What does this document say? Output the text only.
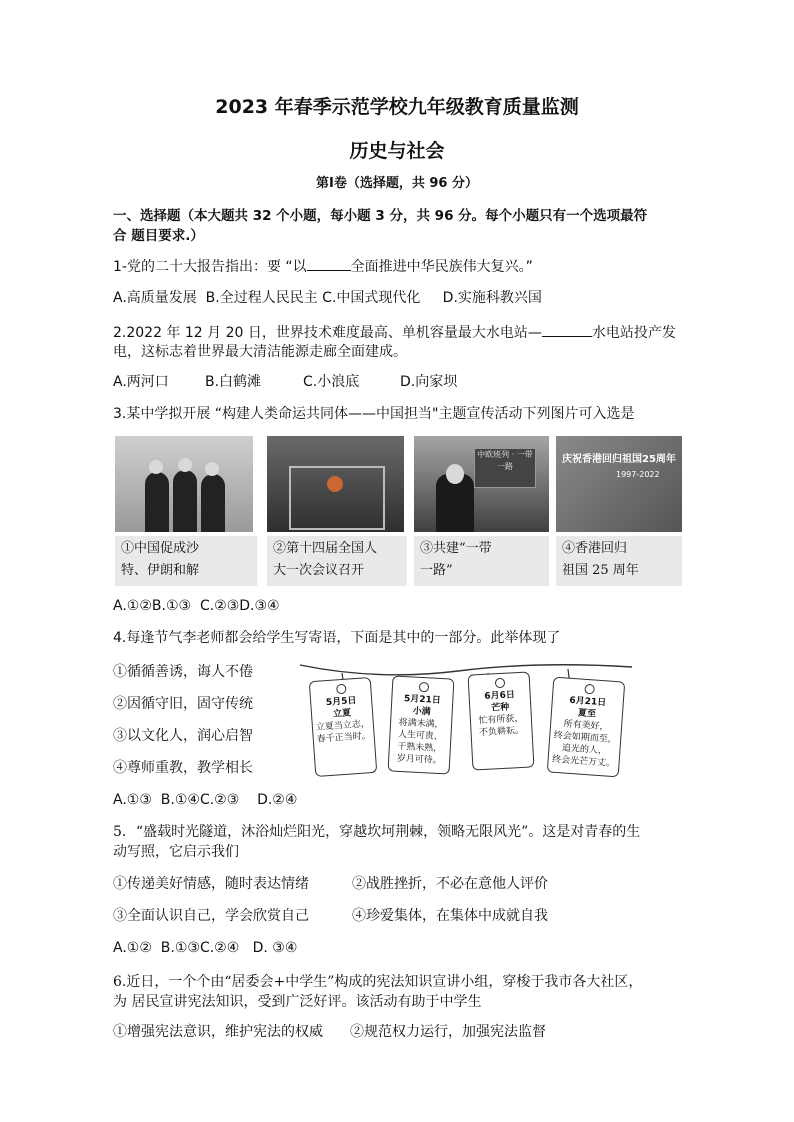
2023 年春季示范学校九年级教育质量监测
历史与社会
第Ⅰ卷（选择题，共 96 分）
一、选择题（本大题共 32 个小题，每小题 3 分，共 96 分。每个小题只有一个选项最符
合 题目要求.）
1-党的二十大报告指出：要 “以	全面推进中华民族伟大复兴。”
A.高质量发展  B.全过程人民民主 C.中国式现代化     D.实施科教兴国
2.2022 年 12 月 20 日，世界技术难度最高、单机容量最大水电站—	水电站投产发
电，这标志着世界最大清洁能源走廊全面建成。
A.两河口	B.白鹤滩	C.小浪底	D.向家坝
3.某中学拟开展 “构建人类命运共同体——中国担当"主题宣传活动下列图片可入选是
中欧班列 · 一带一路
庆祝香港回归祖国25周年
1997-2022
①中国促成沙
特、伊朗和解
②第十四届全国人
大一次会议召开
③共建“一带
一路”
④香港回归
祖国 25 周年
A.①②B.①③  C.②③D.③④
4.每逢节气李老师都会给学生写寄语，下面是其中的一部分。此举体现了
①循循善诱，诲人不倦
②因循守旧，固守传统
③以文化人，润心启智
④尊师重教，教学相长
5月5日
立夏
立夏当立志，
春千正当时。
5月21日
小满
将满未满，
人生可贵，
干熟未熟，
岁月可待。
6月6日
芒种
忙有所获，
不负耕耘。
6月21日
夏至
所有美好，
终会如期而至，
追光的人，
终会光芒万丈。
A.①③  B.①④C.②③    D.②④
5．“盛载时光隧道，沐浴灿烂阳光，穿越坎坷荆棘，领略无限风光”。这是对青春的生
动写照，它启示我们
①传递美好情感，随时表达情绪	②战胜挫折，不必在意他人评价
③全面认识自己，学会欣赏自己	④珍爱集体，在集体中成就自我
A.①②  B.①③C.②④   D. ③④
6.近日，一个个由“居委会+中学生”构成的宪法知识宣讲小组，穿梭于我市各大社区，
为 居民宣讲宪法知识，受到广泛好评。该活动有助于中学生
①增强宪法意识，维护宪法的权威 ②规范权力运行，加强宪法监督
